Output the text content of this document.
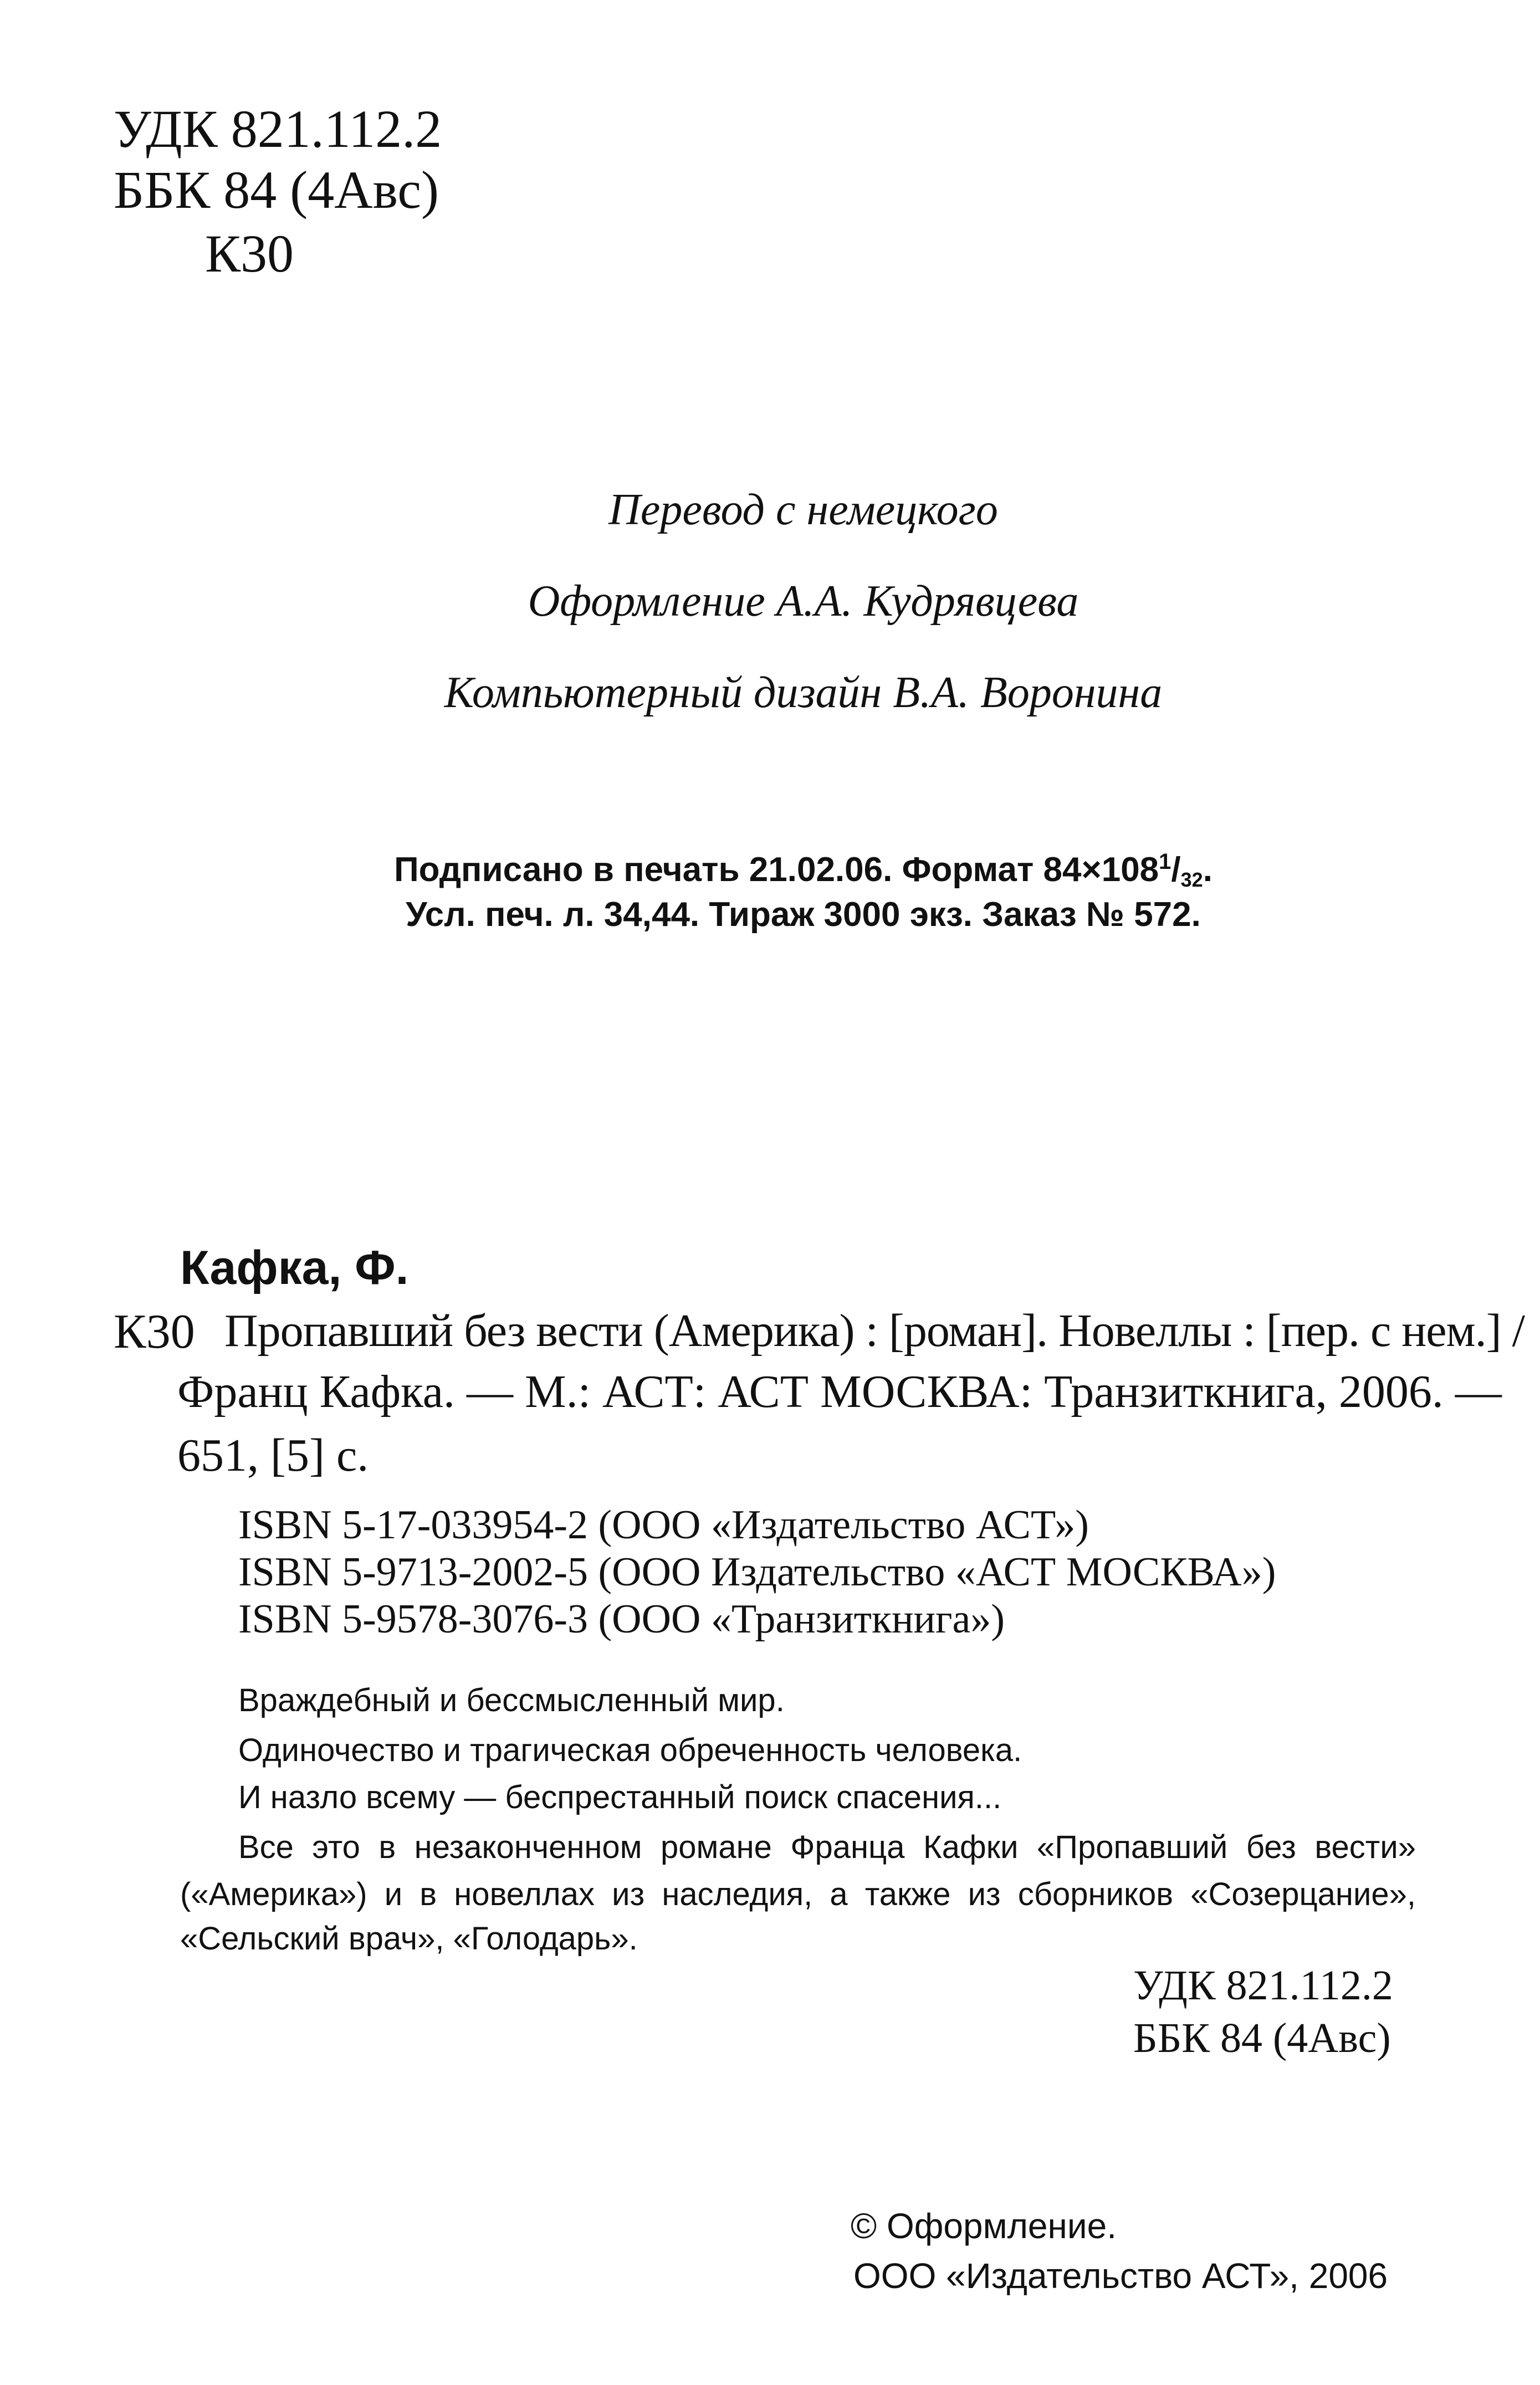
УДК 821.112.2
ББК 84 (4Авс)
К30
Перевод с немецкого
Оформление А.А. Кудрявцева
Компьютерный дизайн В.А. Воронина
Подписано в печать 21.02.06. Формат $84\times 108^1/_{32}$.
Усл. печ. л. 34,44. Тираж 3000 экз. Заказ № 572.
Кафка, Ф.
К30 Пропавший без вести (Америка) : [роман]. Новеллы : [пер. с нем.] /
Франц Кафка. — М.: АСТ: АСТ МОСКВА: Транзиткнига, 2006. —
651, [5] с.
ISBN 5-17-033954-2 (ООО «Издательство АСТ»)
ISBN 5-9713-2002-5 (ООО Издательство «АСТ МОСКВА»)
ISBN 5-9578-3076-3 (ООО «Транзиткнига»)
Враждебный и бессмысленный мир.
Одиночество и трагическая обреченность человека.
И назло всему — беспрестанный поиск спасения...
Все это в незаконченном романе Франца Кафки «Пропавший без вести»
(«Америка») и в новеллах из наследия, а также из сборников «Созерцание»,
«Сельский врач», «Голодарь».
УДК 821.112.2
ББК 84 (4Авс)
© Оформление.
ООО «Издательство АСТ», 2006
